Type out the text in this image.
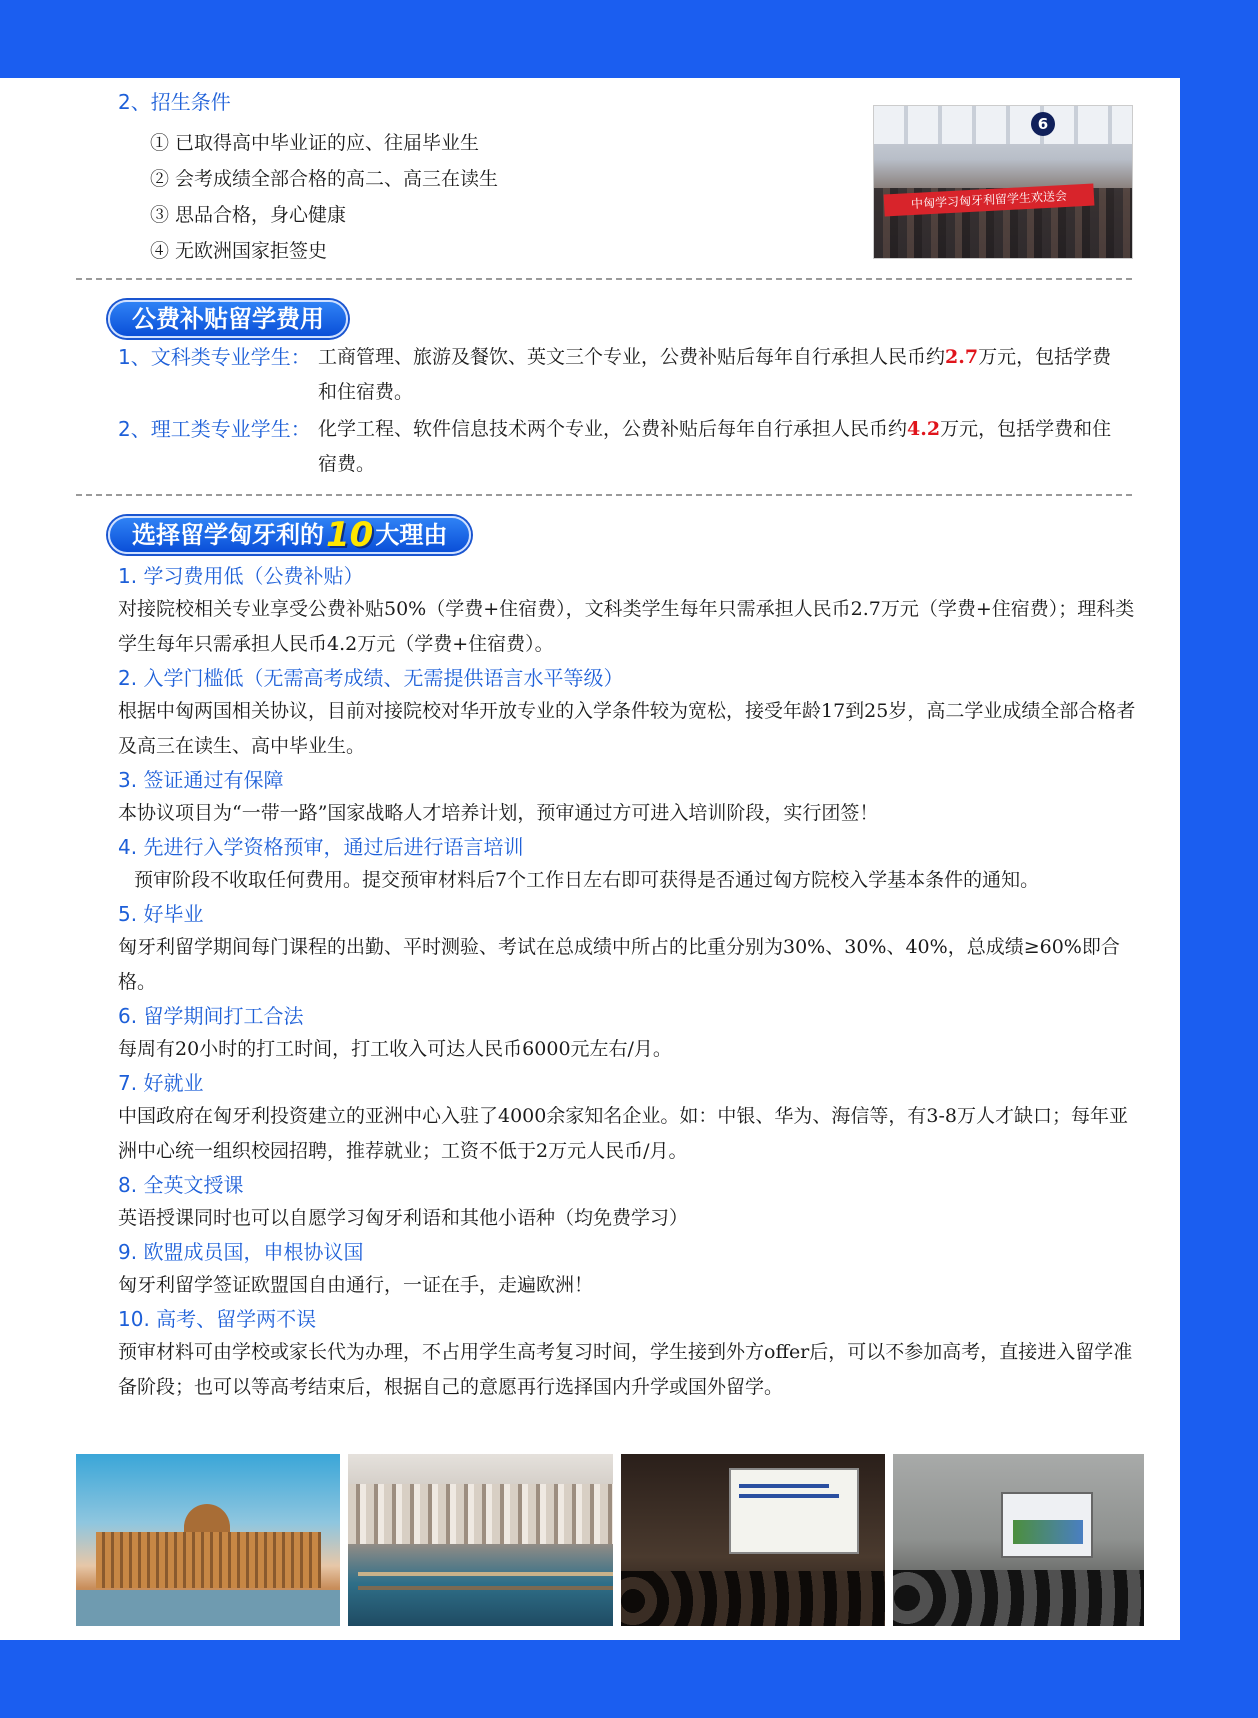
2、招生条件
① 已取得高中毕业证的应、往届毕业生
② 会考成绩全部合格的高二、高三在读生
③ 思品合格，身心健康
④ 无欧洲国家拒签史
中匈学习匈牙利留学生欢送会
6
公费补贴留学费用
1、文科类专业学生： 工商管理、旅游及餐饮、英文三个专业，公费补贴后每年自行承担人民币约2.7万元，包括学费和住宿费。
2、理工类专业学生： 化学工程、软件信息技术两个专业，公费补贴后每年自行承担人民币约4.2万元，包括学费和住宿费。
选择留学匈牙利的10大理由
1. 学习费用低（公费补贴）
对接院校相关专业享受公费补贴50%（学费+住宿费），文科类学生每年只需承担人民币2.7万元（学费+住宿费）；理科类学生每年只需承担人民币4.2万元（学费+住宿费）。
2. 入学门槛低（无需高考成绩、无需提供语言水平等级）
根据中匈两国相关协议，目前对接院校对华开放专业的入学条件较为宽松，接受年龄17到25岁，高二学业成绩全部合格者及高三在读生、高中毕业生。
3. 签证通过有保障
本协议项目为“一带一路”国家战略人才培养计划，预审通过方可进入培训阶段，实行团签！
4. 先进行入学资格预审，通过后进行语言培训
预审阶段不收取任何费用。提交预审材料后7个工作日左右即可获得是否通过匈方院校入学基本条件的通知。
5. 好毕业
匈牙利留学期间每门课程的出勤、平时测验、考试在总成绩中所占的比重分别为30%、30%、40%，总成绩≥60%即合格。
6. 留学期间打工合法
每周有20小时的打工时间，打工收入可达人民币6000元左右/月。
7. 好就业
中国政府在匈牙利投资建立的亚洲中心入驻了4000余家知名企业。如：中银、华为、海信等，有3-8万人才缺口；每年亚洲中心统一组织校园招聘，推荐就业；工资不低于2万元人民币/月。
8. 全英文授课
英语授课同时也可以自愿学习匈牙利语和其他小语种（均免费学习）
9. 欧盟成员国，申根协议国
匈牙利留学签证欧盟国自由通行，一证在手，走遍欧洲！
10. 高考、留学两不误
预审材料可由学校或家长代为办理，不占用学生高考复习时间，学生接到外方offer后，可以不参加高考，直接进入留学准备阶段；也可以等高考结束后，根据自己的意愿再行选择国内升学或国外留学。
